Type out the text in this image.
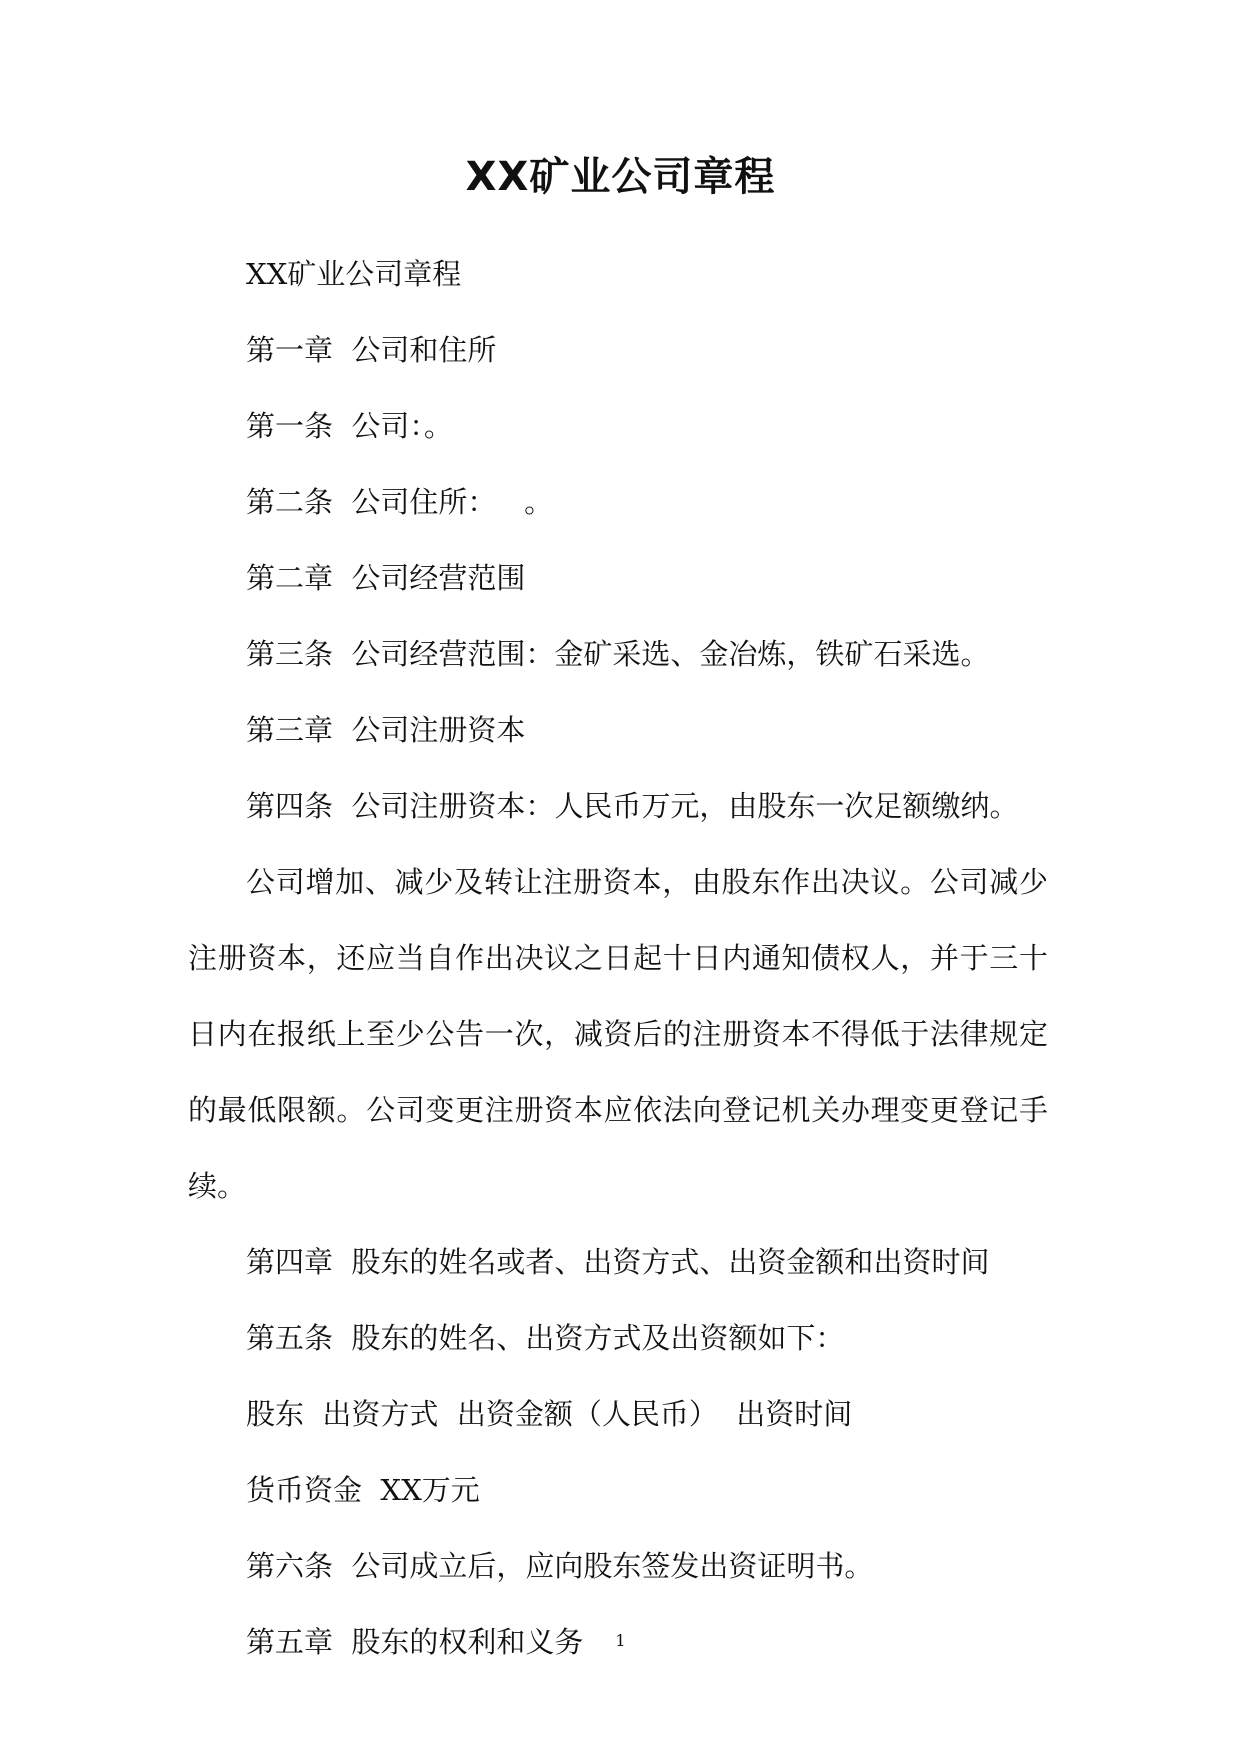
XX矿业公司章程

XX矿业公司章程

第一章  公司和住所

第一条  公司：。

第二条  公司住所：   。

第二章  公司经营范围

第三条  公司经营范围：金矿采选、金冶炼，铁矿石采选。

第三章  公司注册资本

第四条  公司注册资本：人民币万元，由股东一次足额缴纳。

公司增加、减少及转让注册资本，由股东作出决议。公司减少注册资本，还应当自作出决议之日起十日内通知债权人，并于三十日内在报纸上至少公告一次，减资后的注册资本不得低于法律规定的最低限额。公司变更注册资本应依法向登记机关办理变更登记手续。

第四章  股东的姓名或者、出资方式、出资金额和出资时间

第五条  股东的姓名、出资方式及出资额如下：

股东  出资方式  出资金额（人民币）  出资时间

货币资金  XX万元

第六条  公司成立后，应向股东签发出资证明书。

第五章  股东的权利和义务	1
